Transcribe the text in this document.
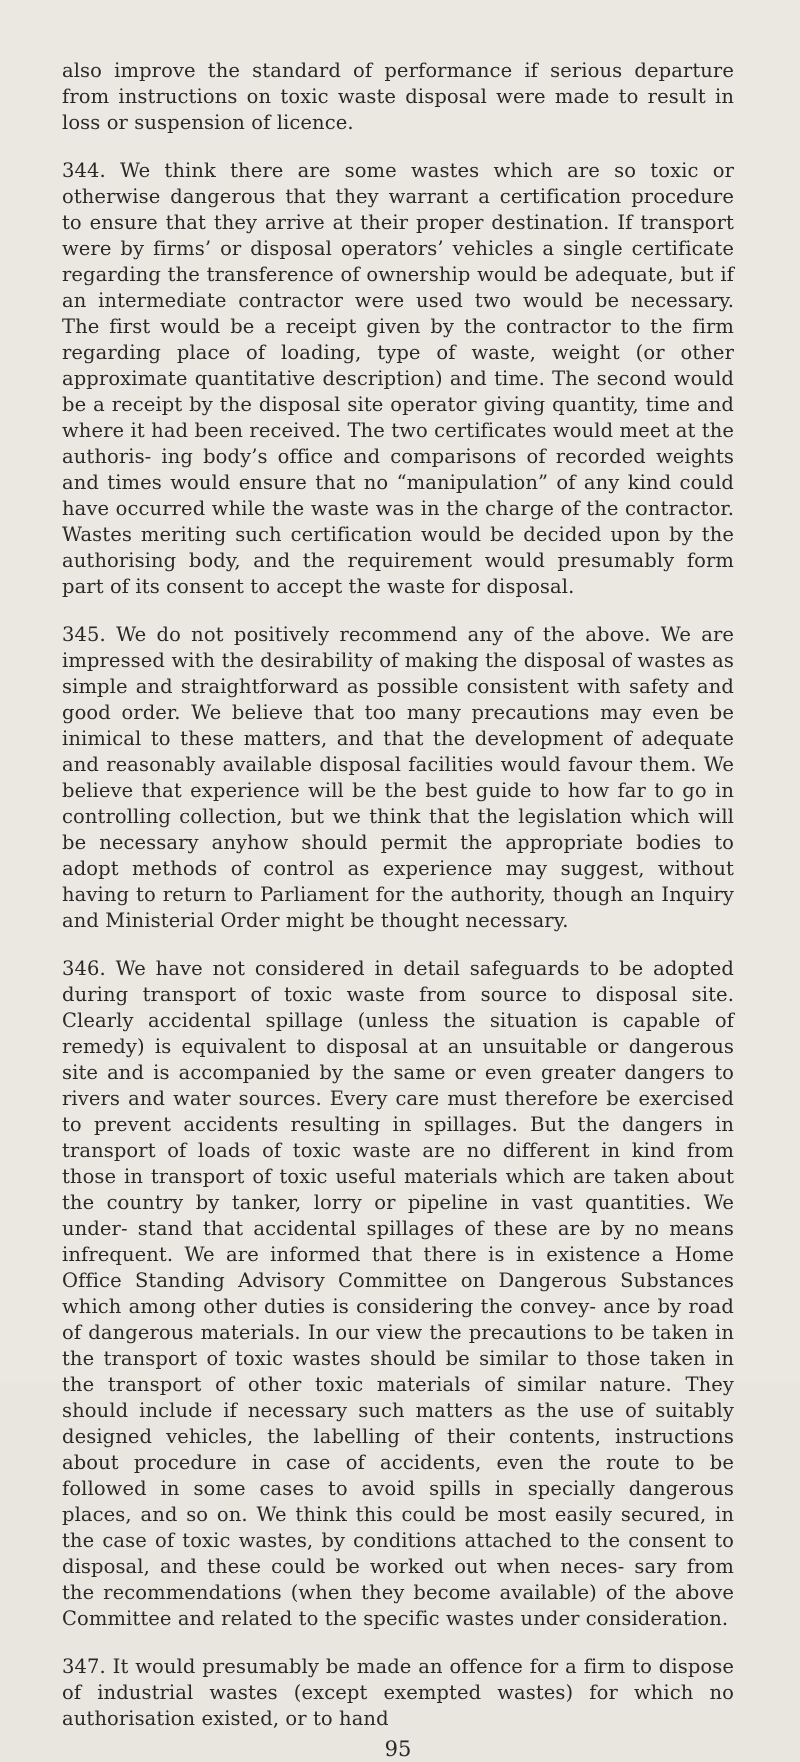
also improve the standard of performance if serious departure from instructions on toxic waste disposal were made to result in loss or suspension of licence.

344. We think there are some wastes which are so toxic or otherwise dangerous that they warrant a certification procedure to ensure that they arrive at their proper destination. If transport were by firms’ or disposal operators’ vehicles a single certificate regarding the transference of ownership would be adequate, but if an intermediate contractor were used two would be necessary. The first would be a receipt given by the contractor to the firm regarding place of loading, type of waste, weight (or other approximate quantitative description) and time. The second would be a receipt by the disposal site operator giving quantity, time and where it had been received. The two certificates would meet at the authoris- ing body’s office and comparisons of recorded weights and times would ensure that no “manipulation” of any kind could have occurred while the waste was in the charge of the contractor. Wastes meriting such certification would be decided upon by the authorising body, and the requirement would presumably form part of its consent to accept the waste for disposal.

345. We do not positively recommend any of the above. We are impressed with the desirability of making the disposal of wastes as simple and straightforward as possible consistent with safety and good order. We believe that too many precautions may even be inimical to these matters, and that the development of adequate and reasonably available disposal facilities would favour them. We believe that experience will be the best guide to how far to go in controlling collection, but we think that the legislation which will be necessary anyhow should permit the appropriate bodies to adopt methods of control as experience may suggest, without having to return to Parliament for the authority, though an Inquiry and Ministerial Order might be thought necessary.

346. We have not considered in detail safeguards to be adopted during transport of toxic waste from source to disposal site. Clearly accidental spillage (unless the situation is capable of remedy) is equivalent to disposal at an unsuitable or dangerous site and is accompanied by the same or even greater dangers to rivers and water sources. Every care must therefore be exercised to prevent accidents resulting in spillages. But the dangers in transport of loads of toxic waste are no different in kind from those in transport of toxic useful materials which are taken about the country by tanker, lorry or pipeline in vast quantities. We under- stand that accidental spillages of these are by no means infrequent. We are informed that there is in existence a Home Office Standing Advisory Committee on Dangerous Substances which among other duties is considering the convey- ance by road of dangerous materials. In our view the precautions to be taken in the transport of toxic wastes should be similar to those taken in the transport of other toxic materials of similar nature. They should include if necessary such matters as the use of suitably designed vehicles, the labelling of their contents, instructions about procedure in case of accidents, even the route to be followed in some cases to avoid spills in specially dangerous places, and so on. We think this could be most easily secured, in the case of toxic wastes, by conditions attached to the consent to disposal, and these could be worked out when neces- sary from the recommendations (when they become available) of the above Committee and related to the specific wastes under consideration.

347. It would presumably be made an offence for a firm to dispose of industrial wastes (except exempted wastes) for which no authorisation existed, or to hand

95
